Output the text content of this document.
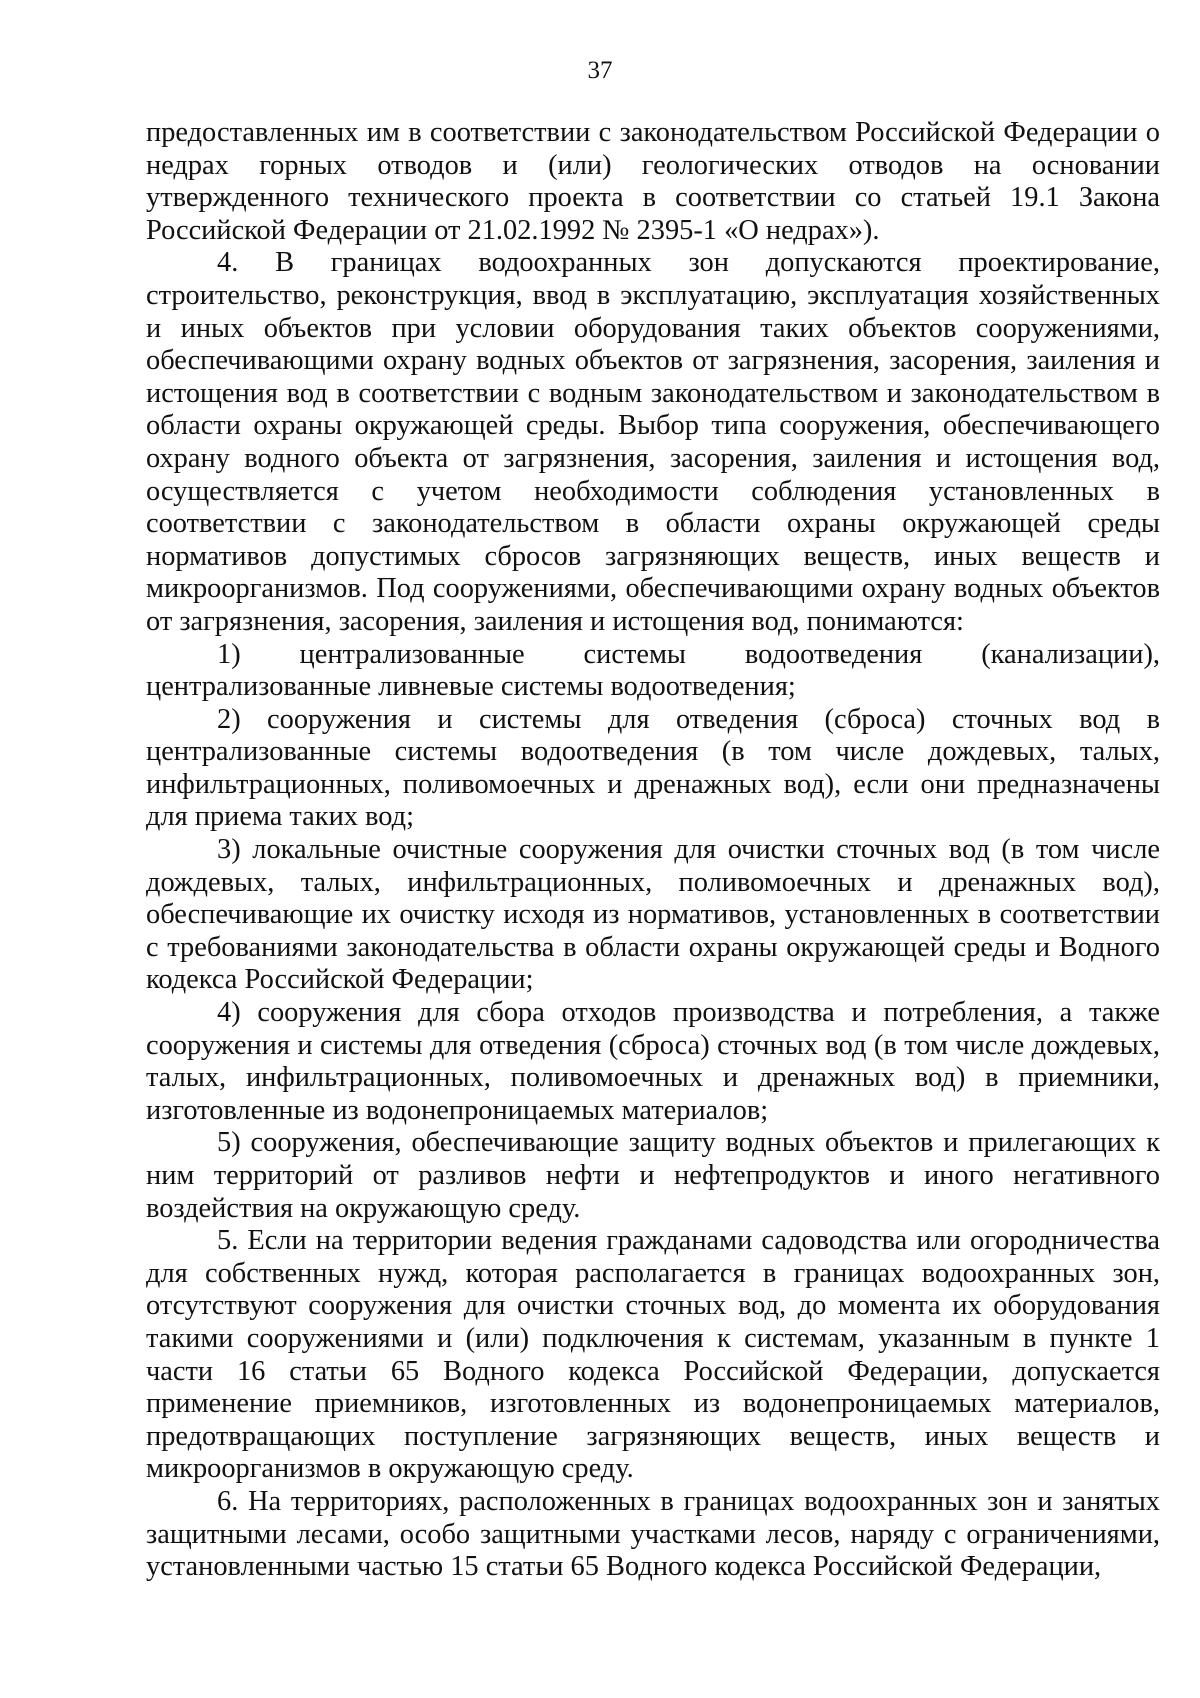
37

предоставленных им в соответствии с законодательством Российской Федерации о недрах горных отводов и (или) геологических отводов на основании утвержденного технического проекта в соответствии со статьей 19.1 Закона Российской Федерации от 21.02.1992 № 2395-1 «О недрах»).

4. В границах водоохранных зон допускаются проектирование, строительство, реконструкция, ввод в эксплуатацию, эксплуатация хозяйственных и иных объектов при условии оборудования таких объектов сооружениями, обеспечивающими охрану водных объектов от загрязнения, засорения, заиления и истощения вод в соответствии с водным законодательством и законодательством в области охраны окружающей среды. Выбор типа сооружения, обеспечивающего охрану водного объекта от загрязнения, засорения, заиления и истощения вод, осуществляется с учетом необходимости соблюдения установленных в соответствии с законодательством в области охраны окружающей среды нормативов допустимых сбросов загрязняющих веществ, иных веществ и микроорганизмов. Под сооружениями, обеспечивающими охрану водных объектов от загрязнения, засорения, заиления и истощения вод, понимаются:

1) централизованные системы водоотведения (канализации), централизованные ливневые системы водоотведения;

2) сооружения и системы для отведения (сброса) сточных вод в централизованные системы водоотведения (в том числе дождевых, талых, инфильтрационных, поливомоечных и дренажных вод), если они предназначены для приема таких вод;

3) локальные очистные сооружения для очистки сточных вод (в том числе дождевых, талых, инфильтрационных, поливомоечных и дренажных вод), обеспечивающие их очистку исходя из нормативов, установленных в соответствии с требованиями законодательства в области охраны окружающей среды и Водного кодекса Российской Федерации;

4) сооружения для сбора отходов производства и потребления, а также сооружения и системы для отведения (сброса) сточных вод (в том числе дождевых, талых, инфильтрационных, поливомоечных и дренажных вод) в приемники, изготовленные из водонепроницаемых материалов;

5) сооружения, обеспечивающие защиту водных объектов и прилегающих к ним территорий от разливов нефти и нефтепродуктов и иного негативного воздействия на окружающую среду.

5. Если на территории ведения гражданами садоводства или огородничества для собственных нужд, которая располагается в границах водоохранных зон, отсутствуют сооружения для очистки сточных вод, до момента их оборудования такими сооружениями и (или) подключения к системам, указанным в пункте 1 части 16 статьи 65 Водного кодекса Российской Федерации, допускается применение приемников, изготовленных из водонепроницаемых материалов, предотвращающих поступление загрязняющих веществ, иных веществ и микроорганизмов в окружающую среду.

6. На территориях, расположенных в границах водоохранных зон и занятых защитными лесами, особо защитными участками лесов, наряду с ограничениями, установленными частью 15 статьи 65 Водного кодекса Российской Федерации,
